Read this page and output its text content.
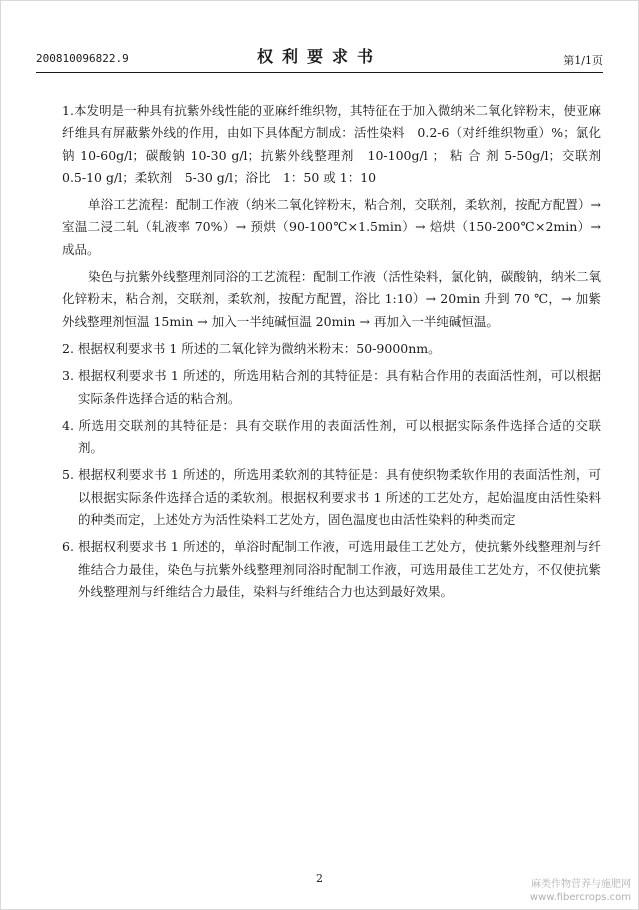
200810096822.9	权利要求书	第1/1页

1.本发明是一种具有抗紫外线性能的亚麻纤维织物，其特征在于加入微纳米二氧化锌粉末，使亚麻纤维具有屏蔽紫外线的作用，由如下具体配方制成：活性染料　0.2-6（对纤维织物重）%；氯化钠 10-60g/l；碳酸钠 10-30 g/l；抗紫外线整理剂　10-100g/l ； 粘 合 剂 5-50g/l；交联剂　0.5-10 g/l；柔软剂　5-30 g/l；浴比　1：50 或 1：10

单浴工艺流程：配制工作液（纳米二氧化锌粉末，粘合剂，交联剂，柔软剂，按配方配置）→ 室温二浸二轧（轧液率 70%）→ 预烘（90-100℃×1.5min）→ 焙烘（150-200℃×2min）→ 成品。

染色与抗紫外线整理剂同浴的工艺流程：配制工作液（活性染料，氯化钠，碳酸钠，纳米二氧化锌粉末，粘合剂，交联剂，柔软剂，按配方配置，浴比 1:10）→ 20min 升到 70 ℃，→ 加紫外线整理剂恒温 15min → 加入一半纯碱恒温 20min → 再加入一半纯碱恒温。

2. 根据权利要求书 1 所述的二氧化锌为微纳米粉末：50-9000nm。

3. 根据权利要求书 1 所述的，所选用粘合剂的其特征是：具有粘合作用的表面活性剂，可以根据实际条件选择合适的粘合剂。

4. 所选用交联剂的其特征是：具有交联作用的表面活性剂，可以根据实际条件选择合适的交联剂。

5. 根据权利要求书 1 所述的，所选用柔软剂的其特征是：具有使织物柔软作用的表面活性剂，可以根据实际条件选择合适的柔软剂。根据权利要求书 1 所述的工艺处方，起始温度由活性染料的种类而定，上述处方为活性染料工艺处方，固色温度也由活性染料的种类而定

6. 根据权利要求书 1 所述的，单浴时配制工作液，可选用最佳工艺处方，使抗紫外线整理剂与纤维结合力最佳，染色与抗紫外线整理剂同浴时配制工作液，可选用最佳工艺处方，不仅使抗紫外线整理剂与纤维结合力最佳，染料与纤维结合力也达到最好效果。

2	麻类作物营养与施肥网
www.fibercrops.com
